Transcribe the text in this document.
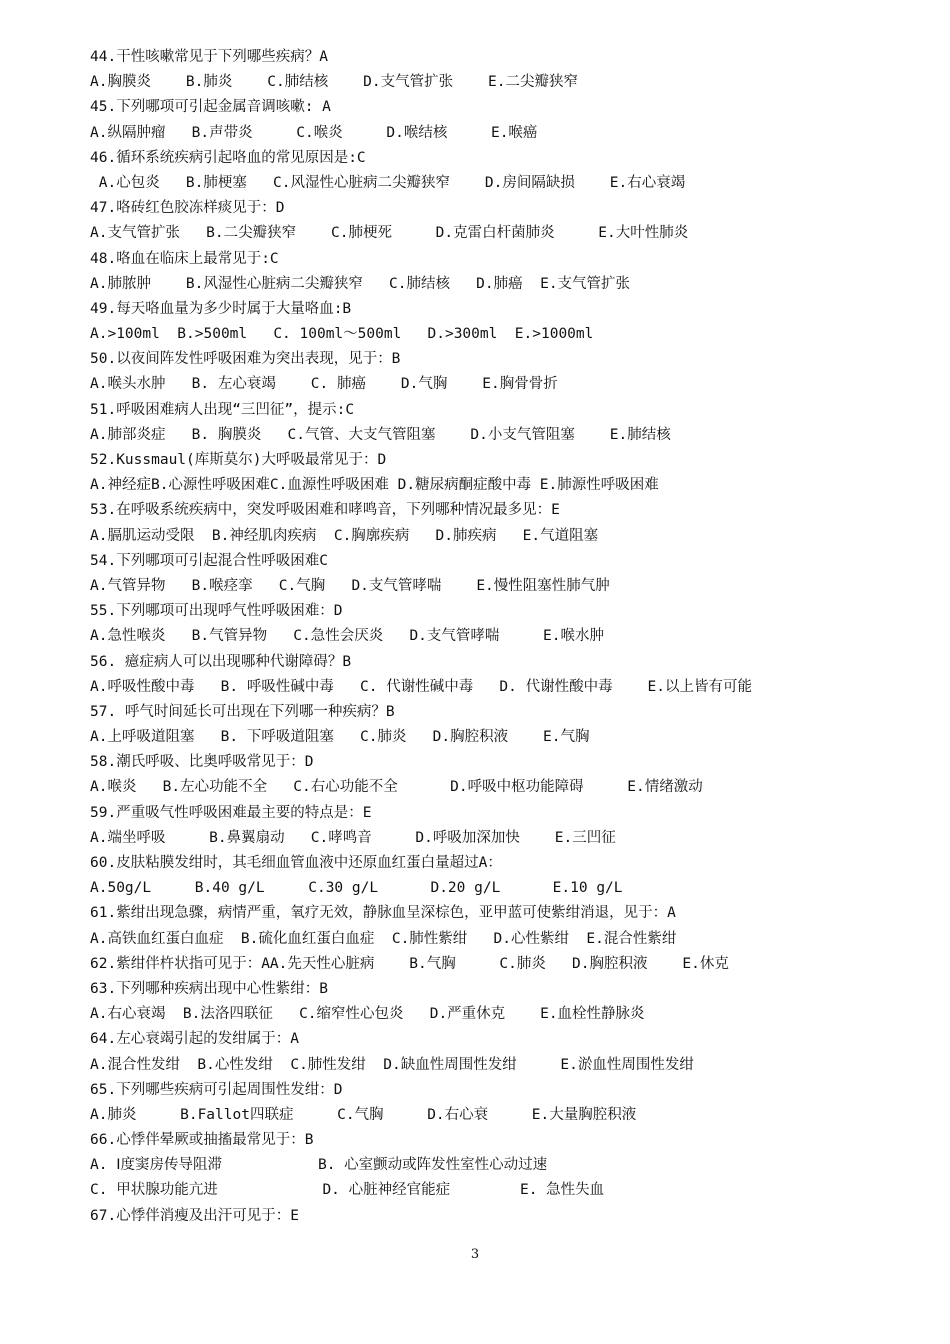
44.干性咳嗽常见于下列哪些疾病？A
A.胸膜炎    B.肺炎    C.肺结核    D.支气管扩张    E.二尖瓣狭窄
45.下列哪项可引起金属音调咳嗽: A
A.纵隔肿瘤   B.声带炎     C.喉炎     D.喉结核     E.喉癌
46.循环系统疾病引起咯血的常见原因是:C
A.心包炎   B.肺梗塞   C.风湿性心脏病二尖瓣狭窄    D.房间隔缺损    E.右心衰竭
47.咯砖红色胶冻样痰见于：D
A.支气管扩张   B.二尖瓣狭窄    C.肺梗死     D.克雷白杆菌肺炎     E.大叶性肺炎
48.咯血在临床上最常见于:C
A.肺脓肿    B.风湿性心脏病二尖瓣狭窄   C.肺结核   D.肺癌  E.支气管扩张
49.每天咯血量为多少时属于大量咯血:B
A.>100ml  B.>500ml   C. 100ml～500ml   D.>300ml  E.>1000ml
50.以夜间阵发性呼吸困难为突出表现，见于：B
A.喉头水肿   B. 左心衰竭    C. 肺癌    D.气胸    E.胸骨骨折
51.呼吸困难病人出现“三凹征”，提示:C
A.肺部炎症   B. 胸膜炎   C.气管、大支气管阻塞    D.小支气管阻塞    E.肺结核
52.Kussmaul(库斯莫尔)大呼吸最常见于：D
A.神经症B.心源性呼吸困难C.血源性呼吸困难 D.糖尿病酮症酸中毒 E.肺源性呼吸困难
53.在呼吸系统疾病中，突发呼吸困难和哮鸣音，下列哪种情况最多见：E
A.膈肌运动受限  B.神经肌肉疾病  C.胸廓疾病   D.肺疾病   E.气道阻塞
54.下列哪项可引起混合性呼吸困难C
A.气管异物   B.喉痉挛   C.气胸   D.支气管哮喘    E.慢性阻塞性肺气肿
55.下列哪项可出现呼气性呼吸困难：D
A.急性喉炎   B.气管异物   C.急性会厌炎   D.支气管哮喘     E.喉水肿
56. 癔症病人可以出现哪种代谢障碍？B
A.呼吸性酸中毒   B. 呼吸性碱中毒   C. 代谢性碱中毒   D. 代谢性酸中毒    E.以上皆有可能
57. 呼气时间延长可出现在下列哪一种疾病？B
A.上呼吸道阻塞   B. 下呼吸道阻塞   C.肺炎   D.胸腔积液    E.气胸
58.潮氏呼吸、比奥呼吸常见于：D
A.喉炎   B.左心功能不全   C.右心功能不全      D.呼吸中枢功能障碍     E.情绪激动
59.严重吸气性呼吸困难最主要的特点是：E
A.端坐呼吸     B.鼻翼扇动   C.哮鸣音     D.呼吸加深加快    E.三凹征
60.皮肤粘膜发绀时，其毛细血管血液中还原血红蛋白量超过A：
A.50g/L     B.40 g/L     C.30 g/L      D.20 g/L      E.10 g/L
61.紫绀出现急骤，病情严重，氧疗无效，静脉血呈深棕色，亚甲蓝可使紫绀消退，见于：A
A.高铁血红蛋白血症  B.硫化血红蛋白血症  C.肺性紫绀   D.心性紫绀  E.混合性紫绀
62.紫绀伴杵状指可见于：AA.先天性心脏病    B.气胸     C.肺炎   D.胸腔积液    E.休克
63.下列哪种疾病出现中心性紫绀：B
A.右心衰竭  B.法洛四联征   C.缩窄性心包炎   D.严重休克    E.血栓性静脉炎
64.左心衰竭引起的发绀属于：A
A.混合性发绀  B.心性发绀  C.肺性发绀  D.缺血性周围性发绀     E.淤血性周围性发绀
65.下列哪些疾病可引起周围性发绀：D
A.肺炎     B.Fallot四联症     C.气胸     D.右心衰     E.大量胸腔积液
66.心悸伴晕厥或抽搐最常见于：B
A. Ⅰ度窦房传导阻滞           B. 心室颤动或阵发性室性心动过速
C. 甲状腺功能亢进            D. 心脏神经官能症        E. 急性失血
67.心悸伴消瘦及出汗可见于：E
3
